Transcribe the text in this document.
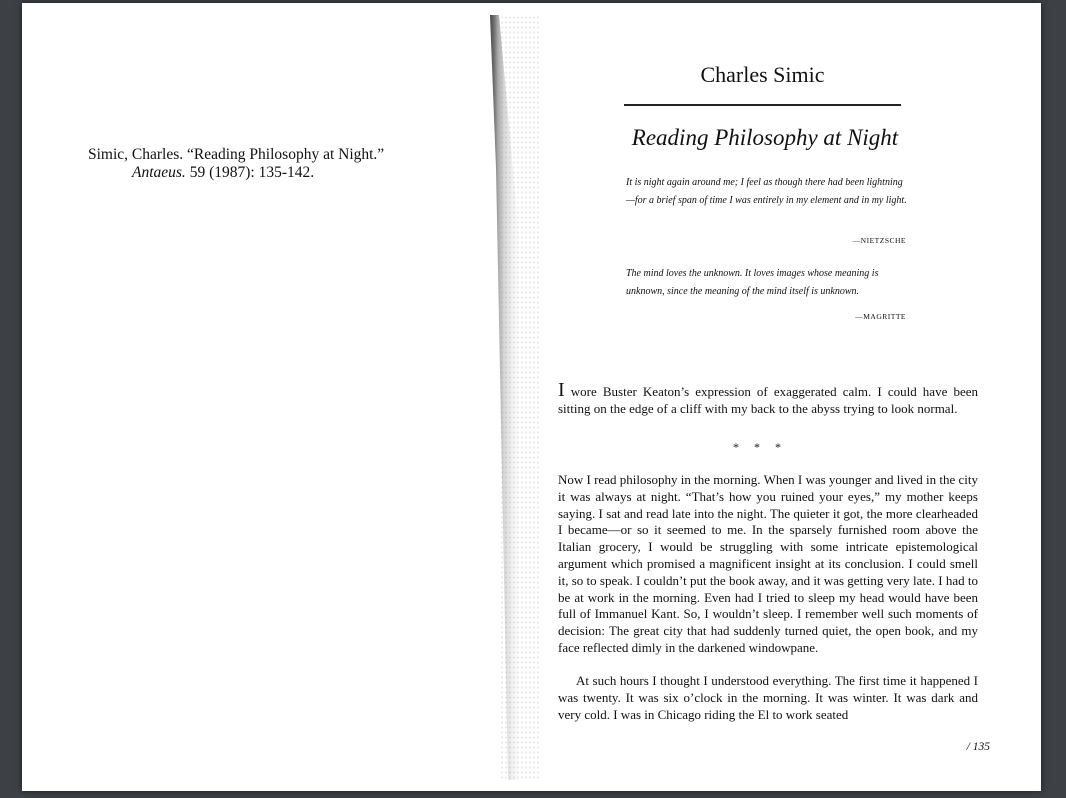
Simic, Charles. “Reading Philosophy at Night.”
Antaeus. 59 (1987): 135-142.
Charles Simic
Reading Philosophy at Night
It is night again around me; I feel as though there had been lightning—for a brief span of time I was entirely in my element and in my light.
—NIETZSCHE
The mind loves the unknown. It loves images whose meaning is unknown, since the meaning of the mind itself is unknown.
—MAGRITTE
I wore Buster Keaton’s expression of exaggerated calm. I could have been sitting on the edge of a cliff with my back to the abyss trying to look normal.
* * *
Now I read philosophy in the morning. When I was younger and lived in the city it was always at night. “That’s how you ruined your eyes,” my mother keeps saying. I sat and read late into the night. The quieter it got, the more clearheaded I became—or so it seemed to me. In the sparsely furnished room above the Italian grocery, I would be struggling with some intricate epistemological argument which promised a magnificent insight at its conclusion. I could smell it, so to speak. I couldn’t put the book away, and it was getting very late. I had to be at work in the morning. Even had I tried to sleep my head would have been full of Immanuel Kant. So, I wouldn’t sleep. I remember well such moments of decision: The great city that had suddenly turned quiet, the open book, and my face reflected dimly in the darkened windowpane.
At such hours I thought I understood everything. The first time it happened I was twenty. It was six o’clock in the morning. It was winter. It was dark and very cold. I was in Chicago riding the El to work seated
/ 135
